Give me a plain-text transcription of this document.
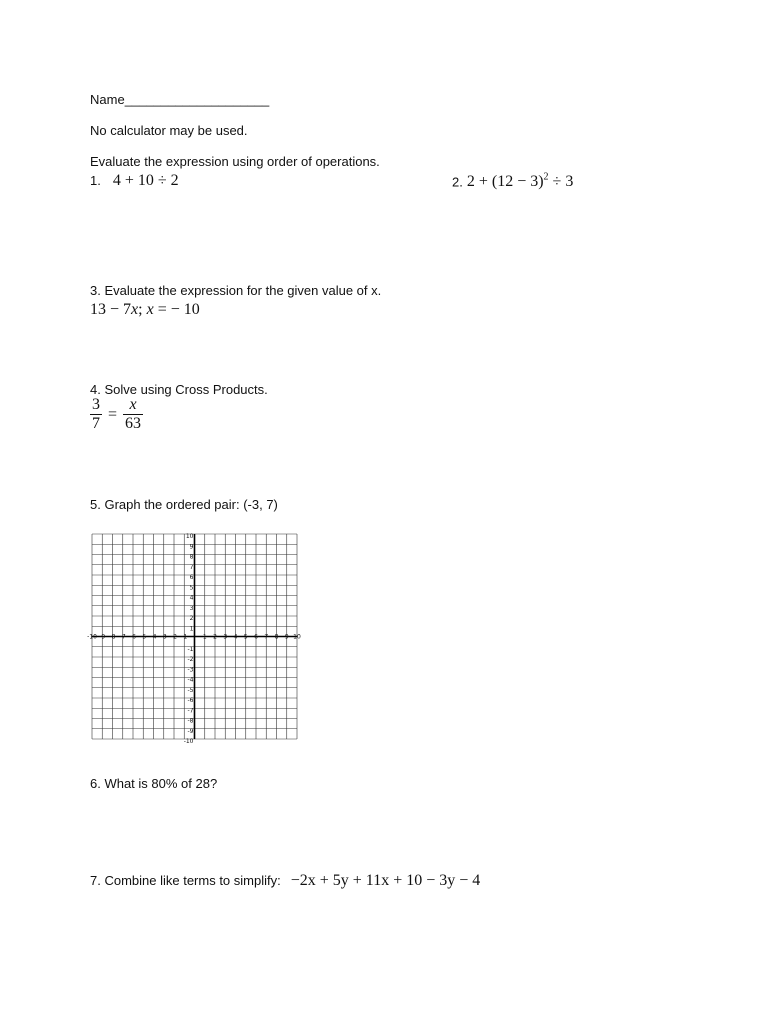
Name____________________
No calculator may be used.
Evaluate the expression using order of operations.
1. 4 + 10 ÷ 2	2. $2 + (12 - 3)^2 \div 3$
3. Evaluate the expression for the given value of x.
13 − 7x; x = − 10
4. Solve using Cross Products.
$\frac{3}{7} = \frac{x}{63}$
5. Graph the ordered pair: (-3, 7)
-10 -9 -8 -7 -6 -5 -4 -3 -2 -1	1 2 3 4 5 6 7 8 9 10
10
9
8
7
6
5
4
3
2
1
-1
-2
-3
-4
-5
-6
-7
-8
-9
-10
6. What is 80% of 28?
7. Combine like terms to simplify: −2x + 5y + 11x + 10 − 3y − 4
